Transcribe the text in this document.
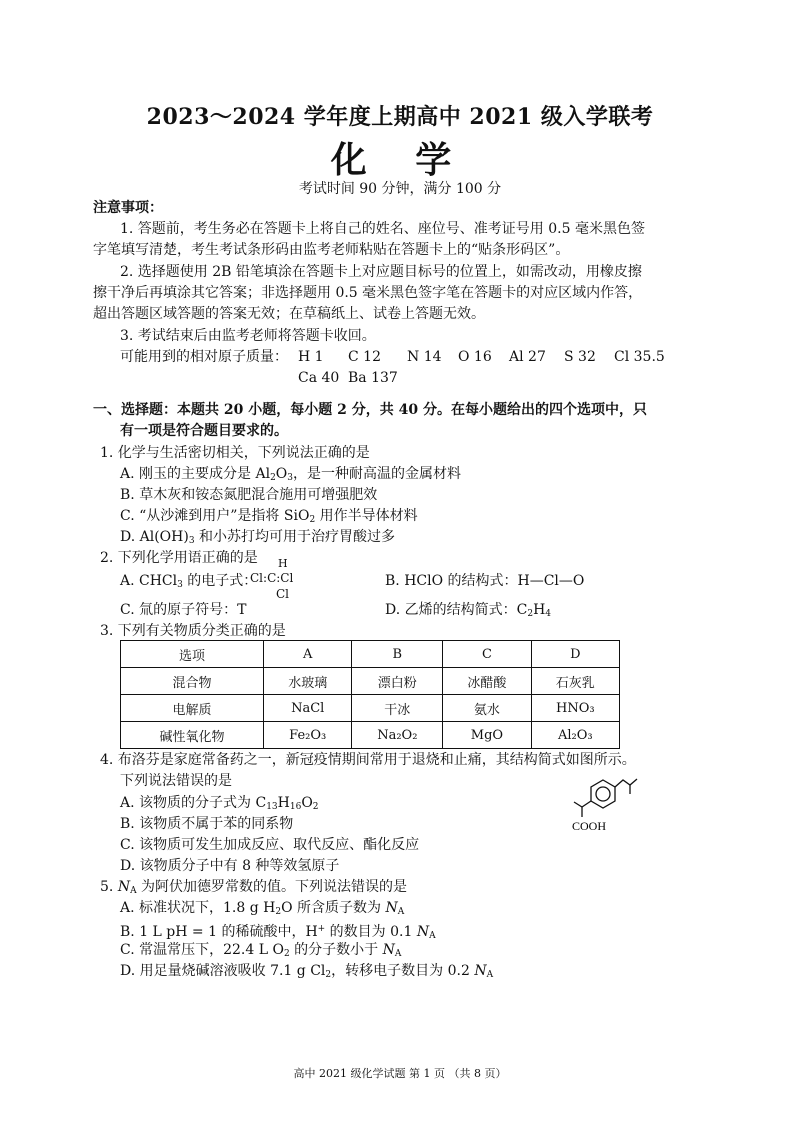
2023～2024 学年度上期高中 2021 级入学联考
化 学
考试时间 90 分钟，满分 100 分
注意事项：
1. 答题前，考生务必在答题卡上将自己的姓名、座位号、准考证号用 0.5 毫米黑色签
字笔填写清楚，考生考试条形码由监考老师粘贴在答题卡上的“贴条形码区”。
2. 选择题使用 2B 铅笔填涂在答题卡上对应题目标号的位置上，如需改动，用橡皮擦
擦干净后再填涂其它答案；非选择题用 0.5 毫米黑色签字笔在答题卡的对应区域内作答，
超出答题区域答题的答案无效；在草稿纸上、试卷上答题无效。
3. 考试结束后由监考老师将答题卡收回。
可能用到的相对原子质量： H 1 C 12 N 14 O 16 Al 27 S 32 Cl 35.5
Ca 40 Ba 137
一、选择题：本题共 20 小题，每小题 2 分，共 40 分。在每小题给出的四个选项中，只
有一项是符合题目要求的。
1. 化学与生活密切相关，下列说法正确的是
A. 刚玉的主要成分是 $Al_2O_3$，是一种耐高温的金属材料
B. 草木灰和铵态氮肥混合施用可增强肥效
C. “从沙滩到用户”是指将 SiO$_2$ 用作半导体材料
D. $Al(OH)_3$ 和小苏打均可用于治疗胃酸过多
2. 下列化学用语正确的是
A. CHCl$_3$ 的电子式：
H
Cl:C:Cl
Cl
B. HClO 的结构式：H—Cl—O
C. 氚的原子符号：T	D. 乙烯的结构简式：$C_2H_4$
3. 下列有关物质分类正确的是
选项	A	B	C	D
混合物	水玻璃	漂白粉	冰醋酸	石灰乳
电解质	NaCl	干冰	氨水	HNO₃
碱性氧化物	Fe₂O₃	Na₂O₂	MgO	Al₂O₃
4. 布洛芬是家庭常备药之一，新冠疫情期间常用于退烧和止痛，其结构简式如图所示。
下列说法错误的是
A. 该物质的分子式为 $C_{13}H_{16}O_2$
B. 该物质不属于苯的同系物
C. 该物质可发生加成反应、取代反应、酯化反应
D. 该物质分子中有 8 种等效氢原子
COOH
5. $N_A$ 为阿伏加德罗常数的值。下列说法错误的是
A. 标准状况下，1.8 g $H_2O$ 所含质子数为 $N_A$
B. 1 L pH = 1 的稀硫酸中，H+ 的数目为 0.1 $N_A$
C. 常温常压下，22.4 L $O_2$ 的分子数小于 $N_A$
D. 用足量烧碱溶液吸收 7.1 g $Cl_2$，转移电子数目为 0.2 $N_A$
高中 2021 级化学试题 第 1 页 （共 8 页）
